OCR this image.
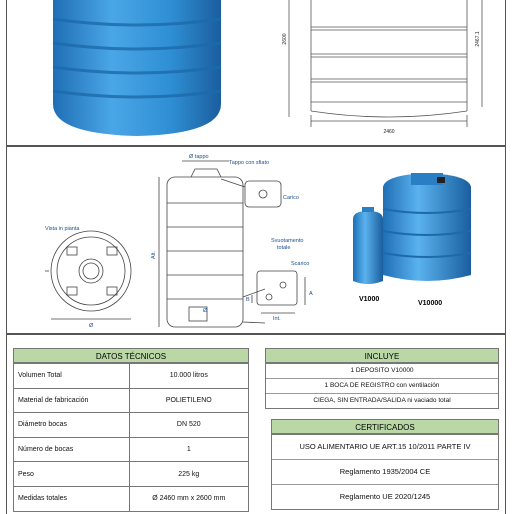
2600	2467.1
2460
Vista in pianta
Ø
Ø tappo
Tappo con sfiato
Alt.
Carico
Svuotamento
totale
Scarico
B
A
Int.
Ø
V1000
V10000
DATOS TÉCNICOS
Volumen Total	10.000 litros
Material de fabricación	POLIETILENO
Diámetro bocas	DN 520
Número de bocas	1
Peso	225 kg
Medidas totales	Ø 2460 mm x 2600 mm
INCLUYE
1 DEPOSITO V10000
1 BOCA DE REGISTRO con ventilación
CIEGA, SIN ENTRADA/SALIDA ni vaciado total
CERTIFICADOS
USO ALIMENTARIO UE ART.15 10/2011 PARTE IV
Reglamento 1935/2004 CE
Reglamento UE 2020/1245
